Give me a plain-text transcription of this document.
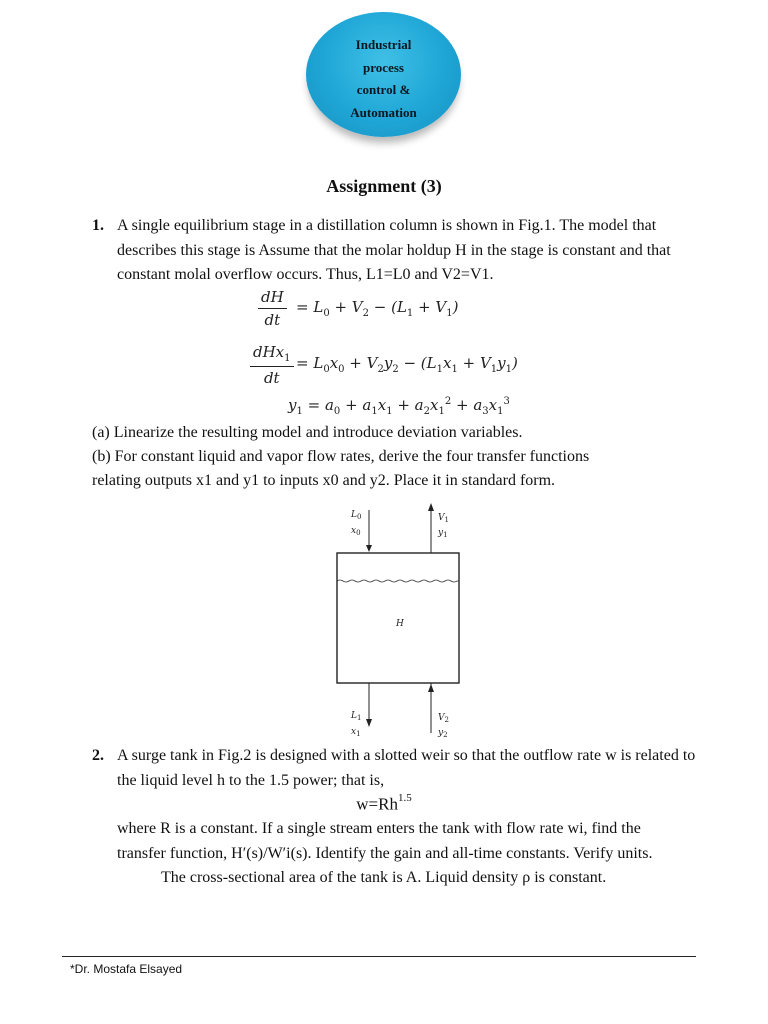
Industrial
process
control &
Automation
Assignment (3)
1. A single equilibrium stage in a distillation column is shown in Fig.1. The model that describes this stage is Assume that the molar holdup H in the stage is constant and that constant molal overflow occurs. Thus, L1=L0 and V2=V1.
$\frac{dH}{dt} = L_0 + V_2 - (L_1 + V_1)$
dHx$_1$
dt
= $L_0x_0 + V_2y_2 - (L_1x_1 + V_1y_1)$
$y_1 = a_0 + a_1x_1 + a_2x_1^2 + a_3x_1^3$
(a) Linearize the resulting model and introduce deviation variables.
(b) For constant liquid and vapor flow rates, derive the four transfer functions
relating outputs x1 and y1 to inputs x0 and y2. Place it in standard form.
H
$L_0$
$x_0$
$V_1$
$y_1$
$L_1$
$x_1$
$V_2$
$y_2$
2. A surge tank in Fig.2 is designed with a slotted weir so that the outflow rate w is related to the liquid level h to the 1.5 power; that is,
$w=Rh^{1.5}$
where R is a constant. If a single stream enters the tank with flow rate wi, find the
transfer function, H′(s)/W′i(s). Identify the gain and all-time constants. Verify units.
The cross-sectional area of the tank is A. Liquid density ρ is constant.
*Dr. Mostafa Elsayed
